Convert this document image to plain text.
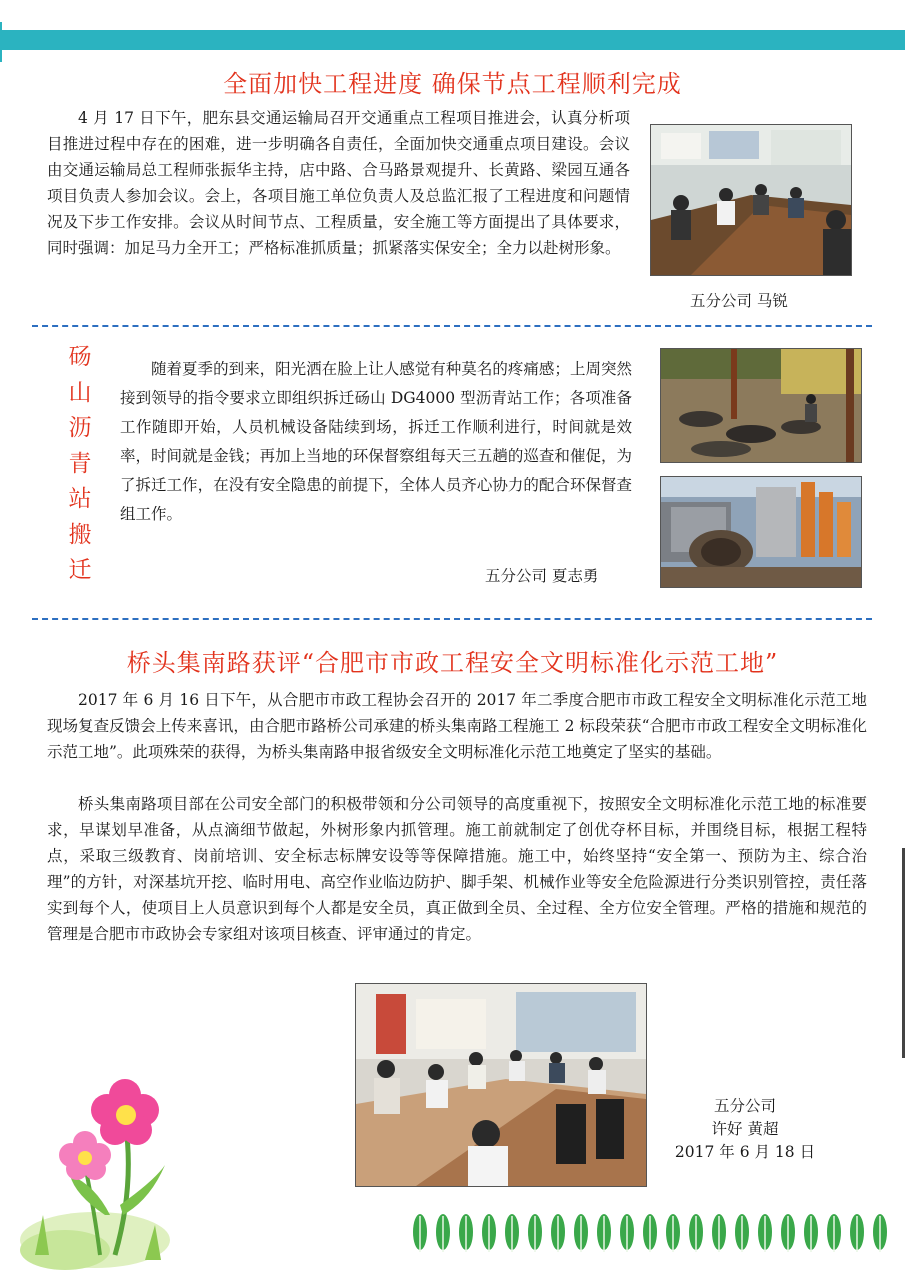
全面加快工程进度 确保节点工程顺利完成

4 月 17 日下午，肥东县交通运输局召开交通重点工程项目推进会，认真分析项目推进过程中存在的困难，进一步明确各自责任，全面加快交通重点项目建设。会议由交通运输局总工程师张振华主持，店中路、合马路景观提升、长黄路、梁园互通各项目负责人参加会议。会上，各项目施工单位负责人及总监汇报了工程进度和问题情况及下步工作安排。会议从时间节点、工程质量，安全施工等方面提出了具体要求，同时强调：加足马力全开工；严格标准抓质量；抓紧落实保安全；全力以赴树形象。

五分公司 马锐
砀
山
沥
青
站
搬
迁

随着夏季的到来，阳光洒在脸上让人感觉有种莫名的疼痛感；上周突然接到领导的指令要求立即组织拆迁砀山 DG4000 型沥青站工作；各项准备工作随即开始，人员机械设备陆续到场，拆迁工作顺利进行，时间就是效率，时间就是金钱；再加上当地的环保督察组每天三五趟的巡查和催促，为了拆迁工作，在没有安全隐患的前提下，全体人员齐心协力的配合环保督查组工作。

五分公司 夏志勇
桥头集南路获评“合肥市市政工程安全文明标准化示范工地”

2017 年 6 月 16 日下午，从合肥市市政工程协会召开的 2017 年二季度合肥市市政工程安全文明标准化示范工地现场复查反馈会上传来喜讯，由合肥市路桥公司承建的桥头集南路工程施工 2 标段荣获“合肥市市政工程安全文明标准化示范工地”。此项殊荣的获得，为桥头集南路申报省级安全文明标准化示范工地奠定了坚实的基础。

桥头集南路项目部在公司安全部门的积极带领和分公司领导的高度重视下，按照安全文明标准化示范工地的标准要求，早谋划早准备，从点滴细节做起，外树形象内抓管理。施工前就制定了创优夺杯目标，并围绕目标，根据工程特点，采取三级教育、岗前培训、安全标志标牌安设等等保障措施。施工中，始终坚持“安全第一、预防为主、综合治理”的方针，对深基坑开挖、临时用电、高空作业临边防护、脚手架、机械作业等安全危险源进行分类识别管控，责任落实到每个人，使项目上人员意识到每个人都是安全员，真正做到全员、全过程、全方位安全管理。严格的措施和规范的管理是合肥市市政协会专家组对该项目核查、评审通过的肯定。

五分公司
许好 黄超
2017 年 6 月 18 日
